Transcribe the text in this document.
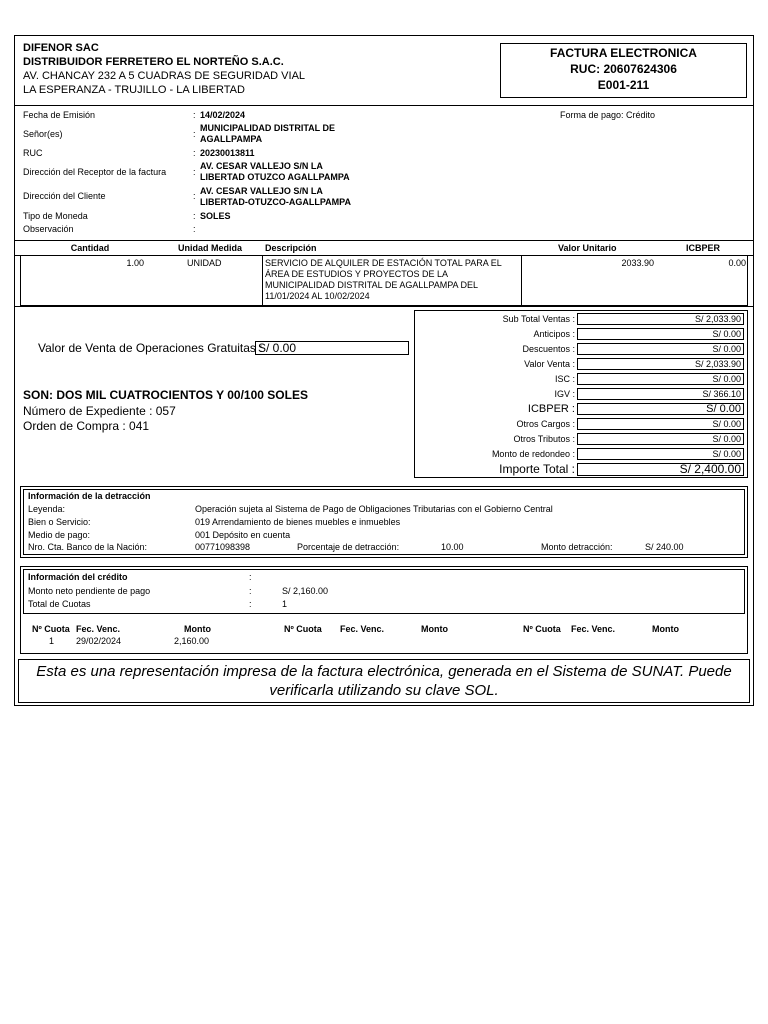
DIFENOR SAC
DISTRIBUIDOR FERRETERO EL NORTEÑO S.A.C.
AV. CHANCAY 232 A 5 CUADRAS DE SEGURIDAD VIAL
LA ESPERANZA - TRUJILLO - LA LIBERTAD
FACTURA ELECTRONICA
RUC: 20607624306
E001-211
Fecha de Emisión	: 14/02/2024	Forma de pago: Crédito
Señor(es)	:
MUNICIPALIDAD DISTRITAL DE
AGALLPAMPA
RUC	: 20230013811
Dirección del Receptor de la factura	:
AV. CESAR VALLEJO S/N LA
LIBERTAD OTUZCO AGALLPAMPA
Dirección del Cliente	: AV. CESAR VALLEJO S/N LA
LIBERTAD-OTUZCO-AGALLPAMPA
Tipo de Moneda	: SOLES
Observación	:
Cantidad	Unidad Medida	Descripción	Valor Unitario	ICBPER
1.00	UNIDAD	SERVICIO DE ALQUILER DE ESTACIÓN TOTAL PARA EL
ÁREA DE ESTUDIOS Y PROYECTOS DE LA
MUNICIPALIDAD DISTRITAL DE AGALLPAMPA DEL
11/01/2024 AL 10/02/2024
2033.90	0.00
Valor de Venta de Operaciones Gratuitas :
S/ 0.00
SON: DOS MIL CUATROCIENTOS Y 00/100 SOLES
Número de Expediente : 057
Orden de Compra : 041
Sub Total Ventas :	S/ 2,033.90
Anticipos :	S/ 0.00
Descuentos :	S/ 0.00
Valor Venta :	S/ 2,033.90
ISC :	S/ 0.00
IGV :	S/ 366.10
ICBPER :	S/ 0.00
Otros Cargos :	S/ 0.00
Otros Tributos :	S/ 0.00
Monto de redondeo :	S/ 0.00
Importe Total :	S/ 2,400.00
Información de la detracción
Leyenda:	Operación sujeta al Sistema de Pago de Obligaciones Tributarias con el Gobierno Central
Bien o Servicio:	019 Arrendamiento de bienes muebles e inmuebles
Medio de pago:	001 Depósito en cuenta
Nro. Cta. Banco de la Nación:	00771098398	Porcentaje de detracción:	10.00	Monto detracción:	S/ 240.00
Información del crédito	:
Monto neto pendiente de pago	:	S/ 2,160.00
Total de Cuotas	:	1
Nº Cuota Fec. Venc.	Monto	Nº Cuota Fec. Venc.	Monto	Nº Cuota Fec. Venc.	Monto
1 29/02/2024	2,160.00
Esta es una representación impresa de la factura electrónica, generada en el Sistema de SUNAT. Puede
verificarla utilizando su clave SOL.
